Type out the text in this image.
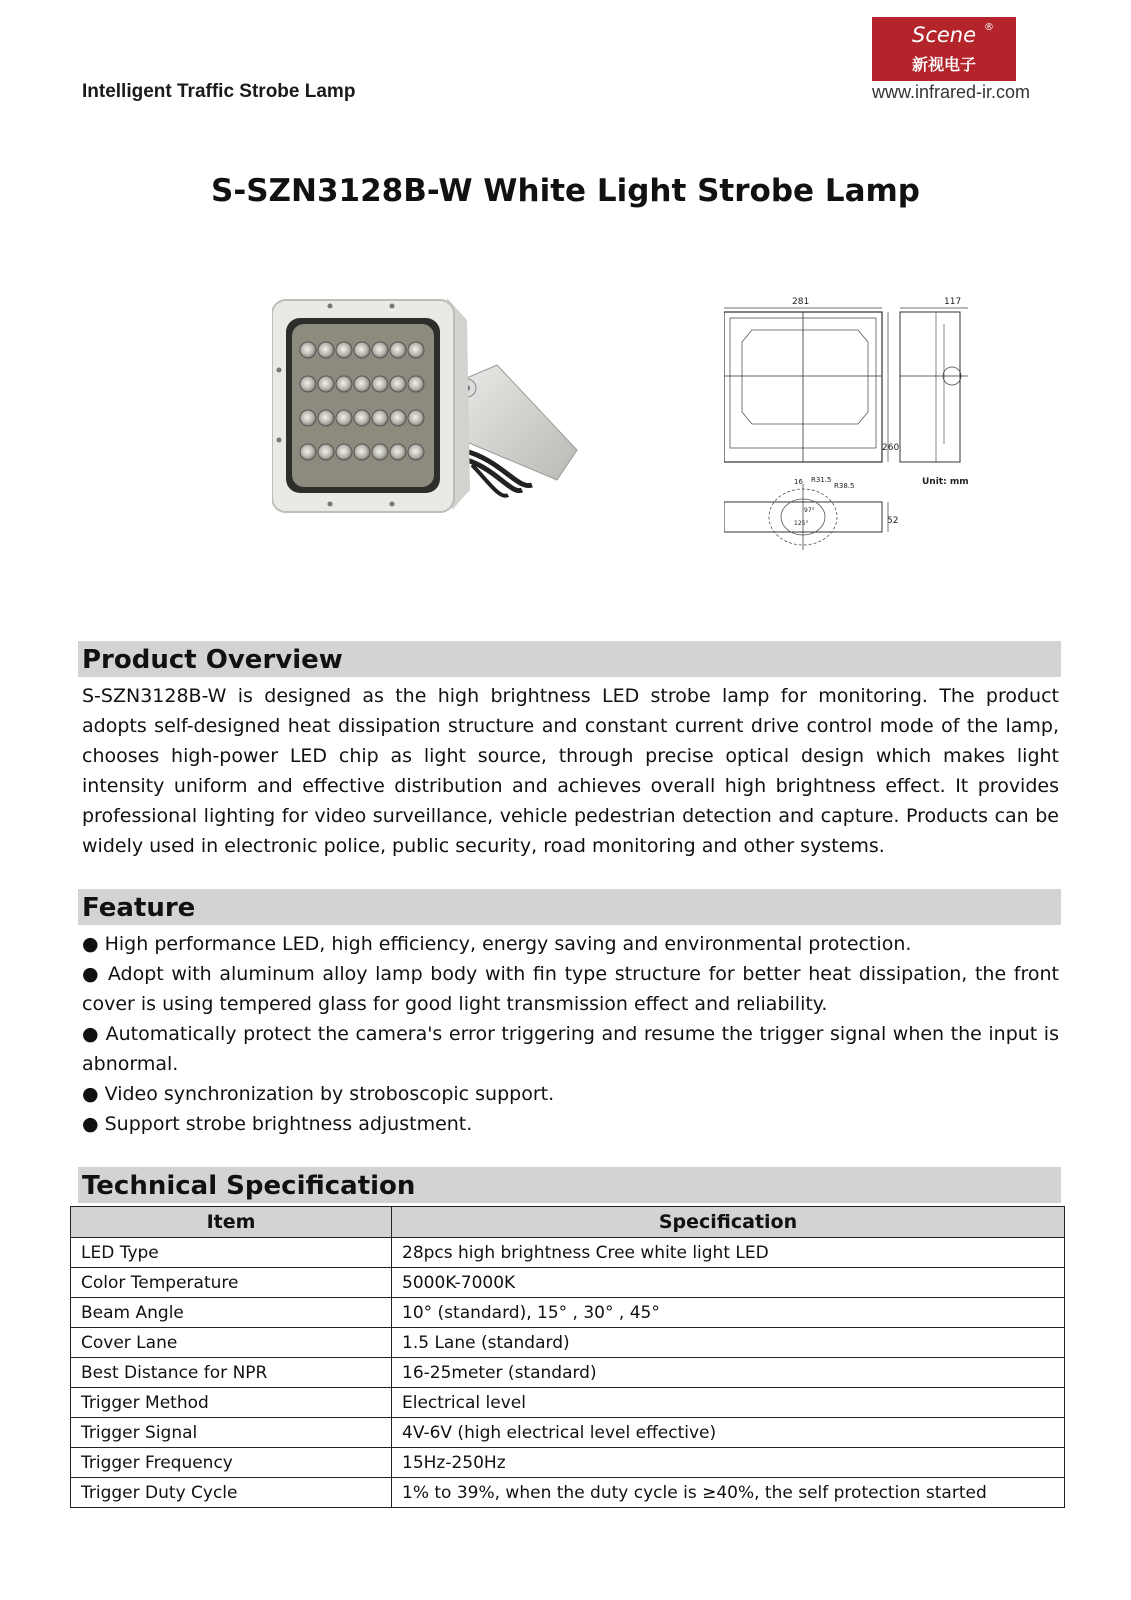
Intelligent Traffic Strobe Lamp
Scene ®
新视电子
www.infrared-ir.com
S-SZN3128B-W White Light Strobe Lamp
281	117
260
52
R31.5
R38.5
16
97°
125°
Unit: mm
Product Overview
S-SZN3128B-W is designed as the high brightness LED strobe lamp for monitoring. The product adopts self-designed heat dissipation structure and constant current drive control mode of the lamp, chooses high-power LED chip as light source, through precise optical design which makes light intensity uniform and effective distribution and achieves overall high brightness effect. It provides professional lighting for video surveillance, vehicle pedestrian detection and capture. Products can be widely used in electronic police, public security, road monitoring and other systems.
Feature

● High performance LED, high efficiency, energy saving and environmental protection.

● Adopt with aluminum alloy lamp body with fin type structure for better heat dissipation, the front cover is using tempered glass for good light transmission effect and reliability.

● Automatically protect the camera's error triggering and resume the trigger signal when the input is abnormal.

● Video synchronization by stroboscopic support.

● Support strobe brightness adjustment.

Technical Specification
Item	Specification
LED Type	28pcs high brightness Cree white light LED
Color Temperature	5000K-7000K
Beam Angle	10° (standard), 15° , 30° , 45°
Cover Lane	1.5 Lane (standard)
Best Distance for NPR	16-25meter (standard)
Trigger Method	Electrical level
Trigger Signal	4V-6V (high electrical level effective)
Trigger Frequency	15Hz-250Hz
Trigger Duty Cycle	1% to 39%, when the duty cycle is ≥40%, the self protection started
